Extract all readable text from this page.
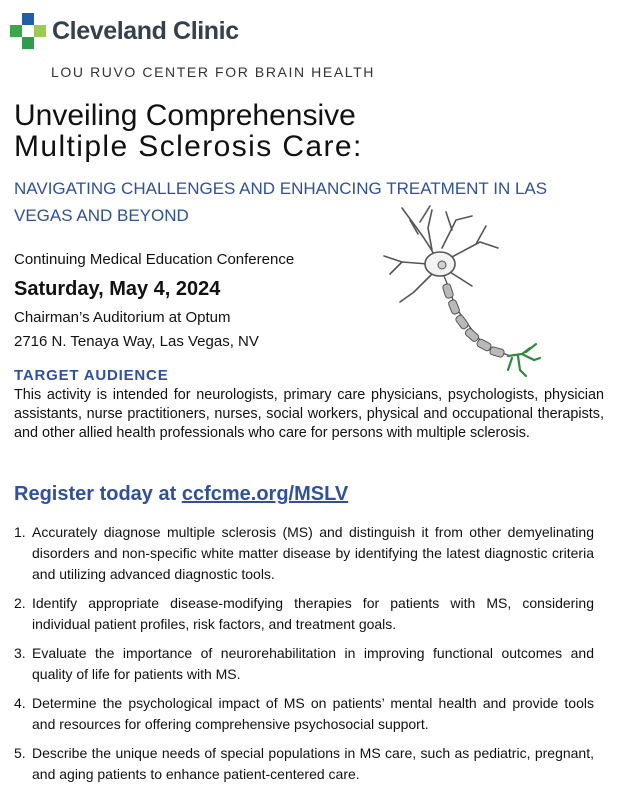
Cleveland Clinic
LOU RUVO CENTER FOR BRAIN HEALTH
Unveiling Comprehensive
Multiple Sclerosis Care:
NAVIGATING CHALLENGES AND ENHANCING TREATMENT IN LAS VEGAS AND BEYOND
Continuing Medical Education Conference
Saturday, May 4, 2024
Chairman’s Auditorium at Optum
2716 N. Tenaya Way, Las Vegas, NV
TARGET AUDIENCE
This activity is intended for neurologists, primary care physicians, psychologists, physician assistants, nurse practitioners, nurses, social workers, physical and occupational therapists, and other allied health professionals who care for persons with multiple sclerosis.
Register today at ccfcme.org/MSLV
1. Accurately diagnose multiple sclerosis (MS) and distinguish it from other demyelinating disorders and non-specific white matter disease by identifying the latest diagnostic criteria and utilizing advanced diagnostic tools.
2. Identify appropriate disease-modifying therapies for patients with MS, considering individual patient profiles, risk factors, and treatment goals.
3. Evaluate the importance of neurorehabilitation in improving functional outcomes and quality of life for patients with MS.
4. Determine the psychological impact of MS on patients’ mental health and provide tools and resources for offering comprehensive psychosocial support.
5. Describe the unique needs of special populations in MS care, such as pediatric, pregnant, and aging patients to enhance patient-centered care.
